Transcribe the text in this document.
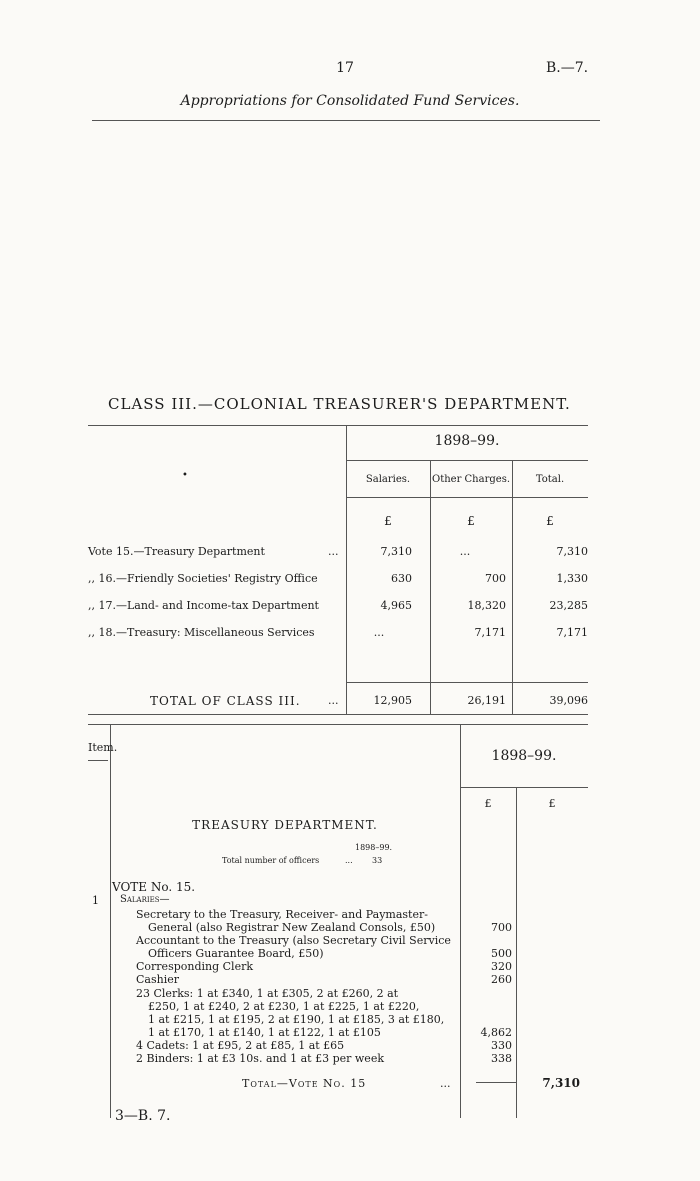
17	B.—7.
Appropriations for Consolidated Fund Services.
CLASS III.—COLONIAL TREASURER'S DEPARTMENT.
1898–99.
•	Salaries.	Other Charges.	Total.
£	£	£
Vote 15.—Treasury Department	...	7,310	...	7,310
,, 16.—Friendly Societies' Registry Office	630	700	1,330
,, 17.—Land- and Income-tax Department	4,965	18,320	23,285
,, 18.—Treasury: Miscellaneous Services	...	7,171	7,171
TOTAL OF CLASS III.	...	12,905	26,191	39,096
Item.
1898–99.
£	£
TREASURY DEPARTMENT.
1898–99.
Total number of officers	...	33
VOTE No. 15.
1	Salaries—
Secretary to the Treasury, Receiver- and Paymaster-
General (also Registrar New Zealand Consols, £50)	700
Accountant to the Treasury (also Secretary Civil Service
Officers Guarantee Board, £50)	500
Corresponding Clerk	320
Cashier	260
23 Clerks: 1 at £340, 1 at £305, 2 at £260, 2 at
£250, 1 at £240, 2 at £230, 1 at £225, 1 at £220,
1 at £215, 1 at £195, 2 at £190, 1 at £185, 3 at £180,
1 at £170, 1 at £140, 1 at £122, 1 at £105	4,862
4 Cadets: 1 at £95, 2 at £85, 1 at £65	330
2 Binders: 1 at £3 10s. and 1 at £3 per week	338
Total—Vote No. 15	...	7,310
3—B. 7.
